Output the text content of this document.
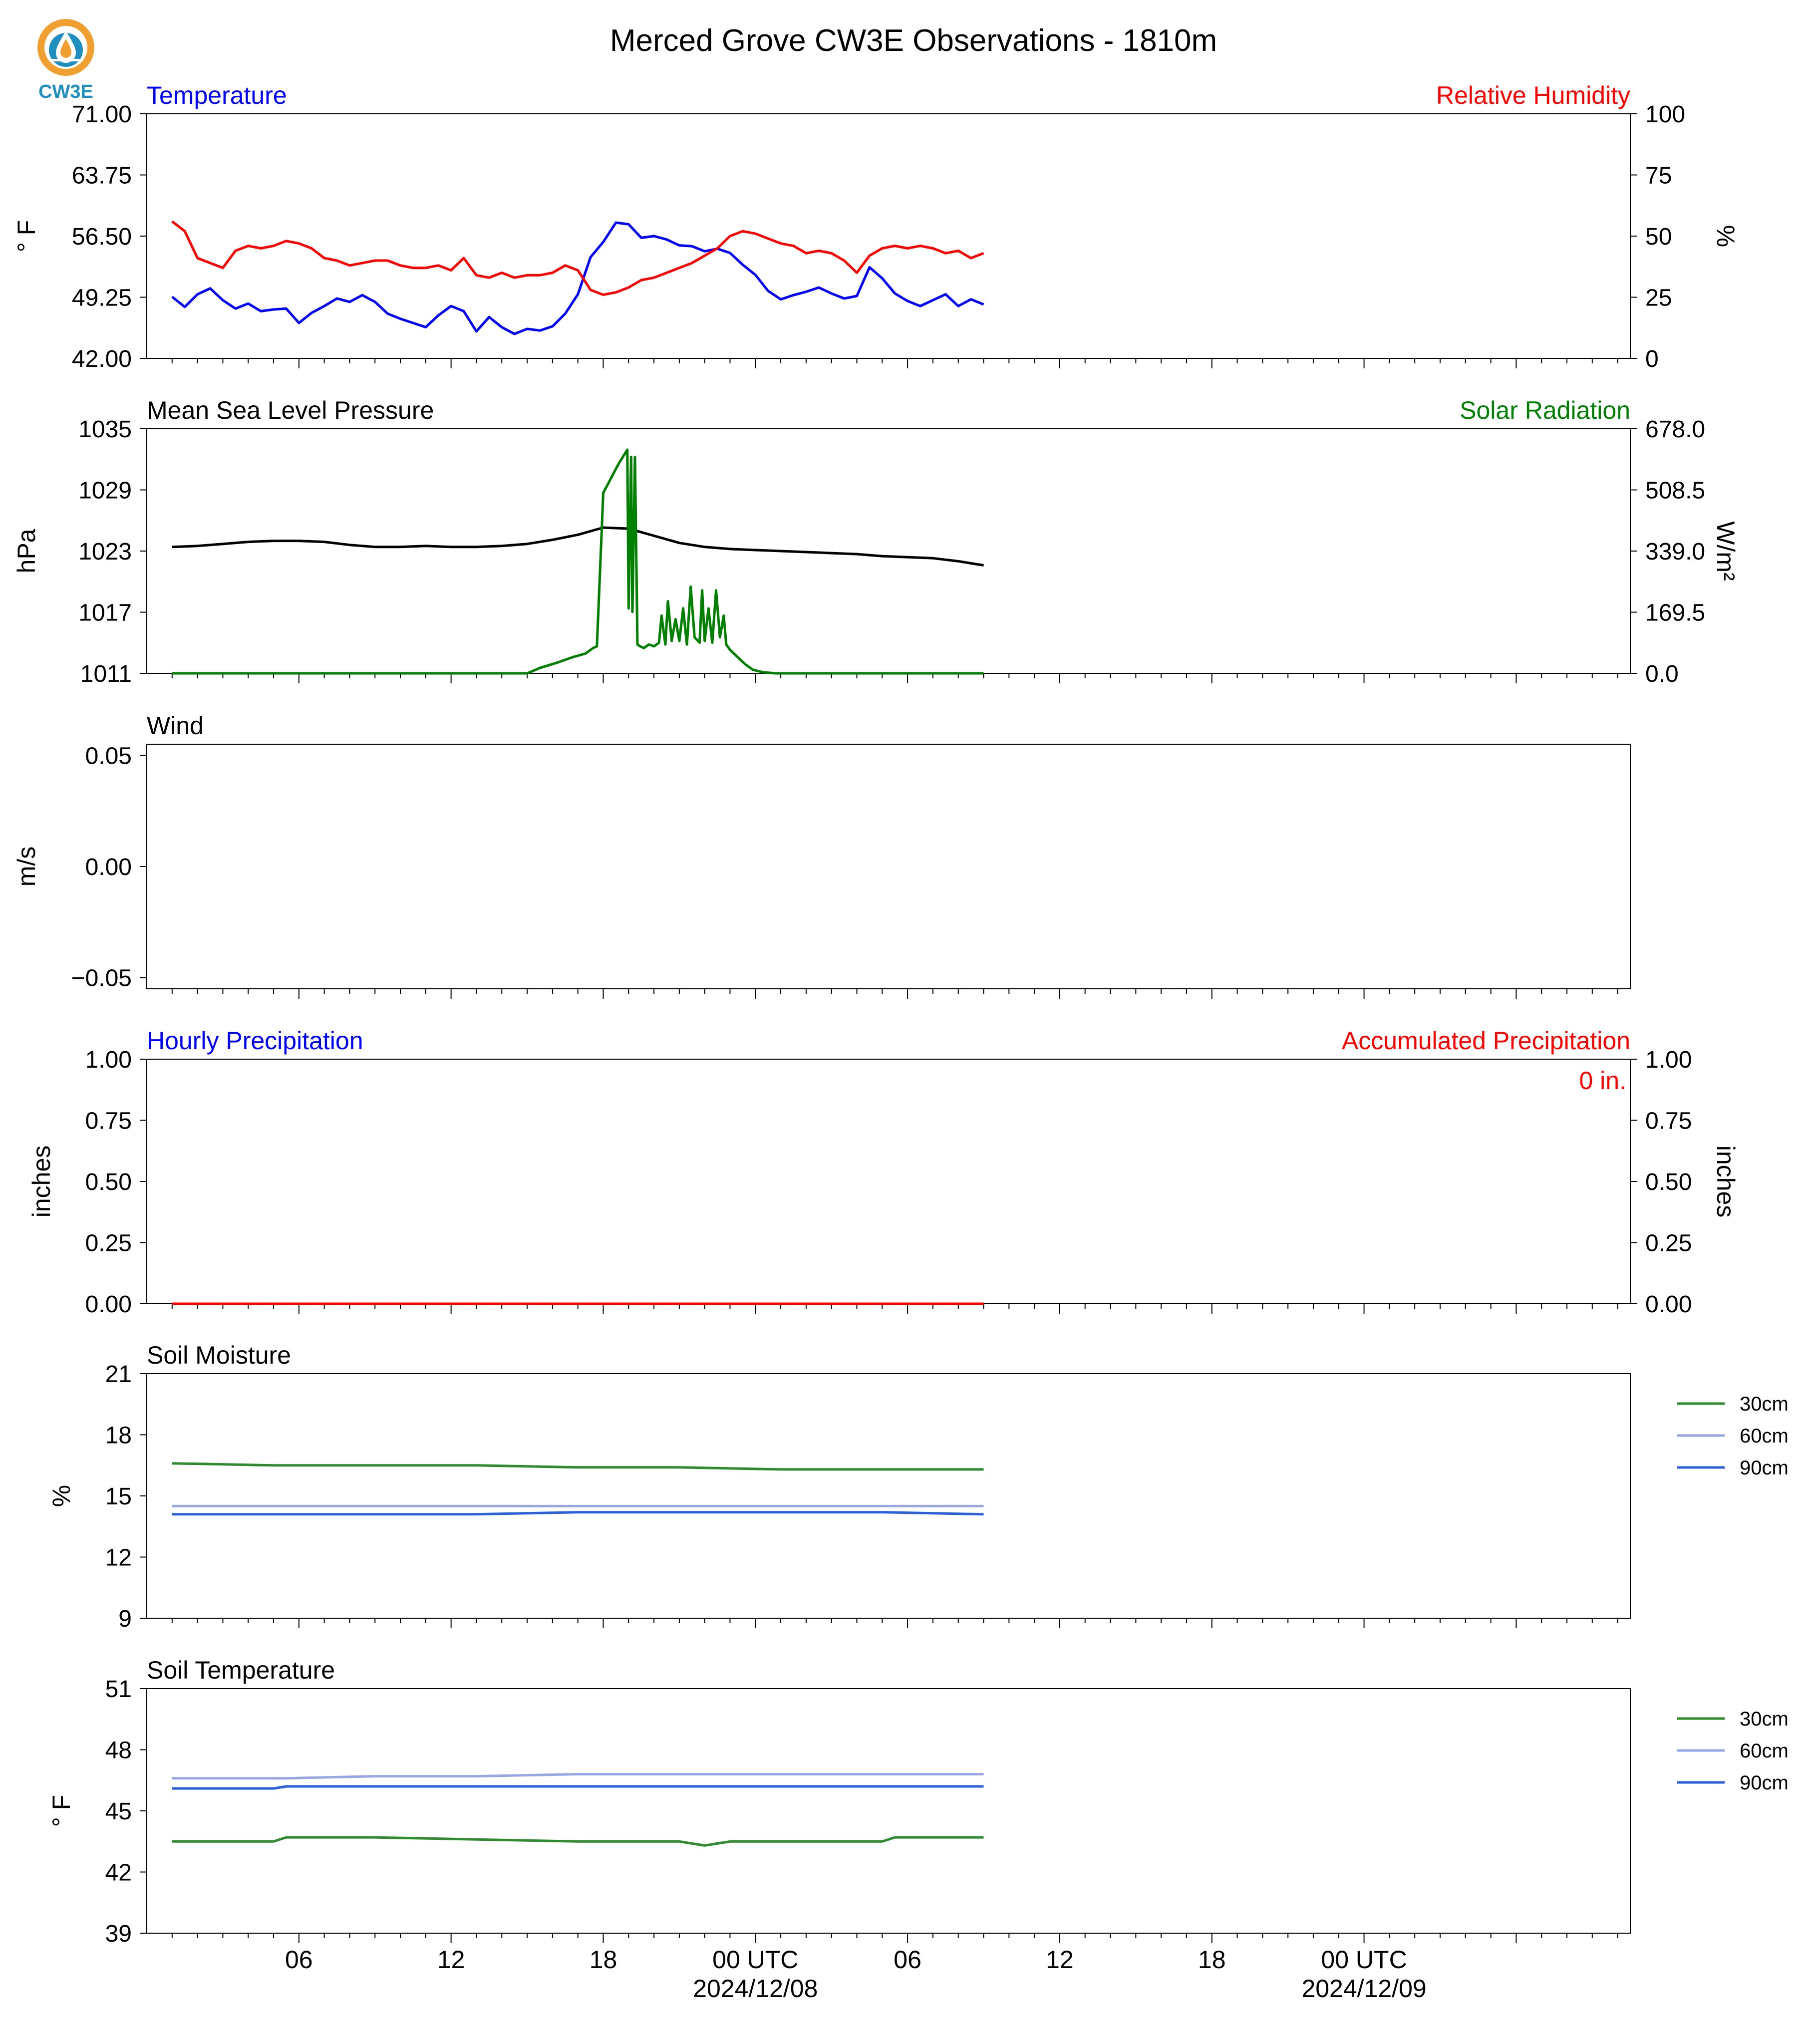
CW3E
Merced Grove CW3E Observations - 1810m
Temperature	Relative Humidity
42.00
49.25
56.50
63.75
71.00
° F
0
25
50
75
100
%
Mean Sea Level Pressure	Solar Radiation
1011
1017
1023
1029
1035
hPa
0.0
169.5
339.0
508.5
678.0
W/m²
Wind
−0.05
0.00
0.05
m/s
Hourly Precipitation	Accumulated Precipitation
0.00
0.25
0.50
0.75
1.00
inches
0.00
0.25
0.50
0.75
1.00
inches
0 in.
Soil Moisture
9
12
15
18
21
%
30cm
60cm
90cm
Soil Temperature
39
42
45
48
51
° F
30cm
60cm
90cm
06	12	18	00 UTC	06	12	18	00 UTC
2024/12/08	2024/12/09
